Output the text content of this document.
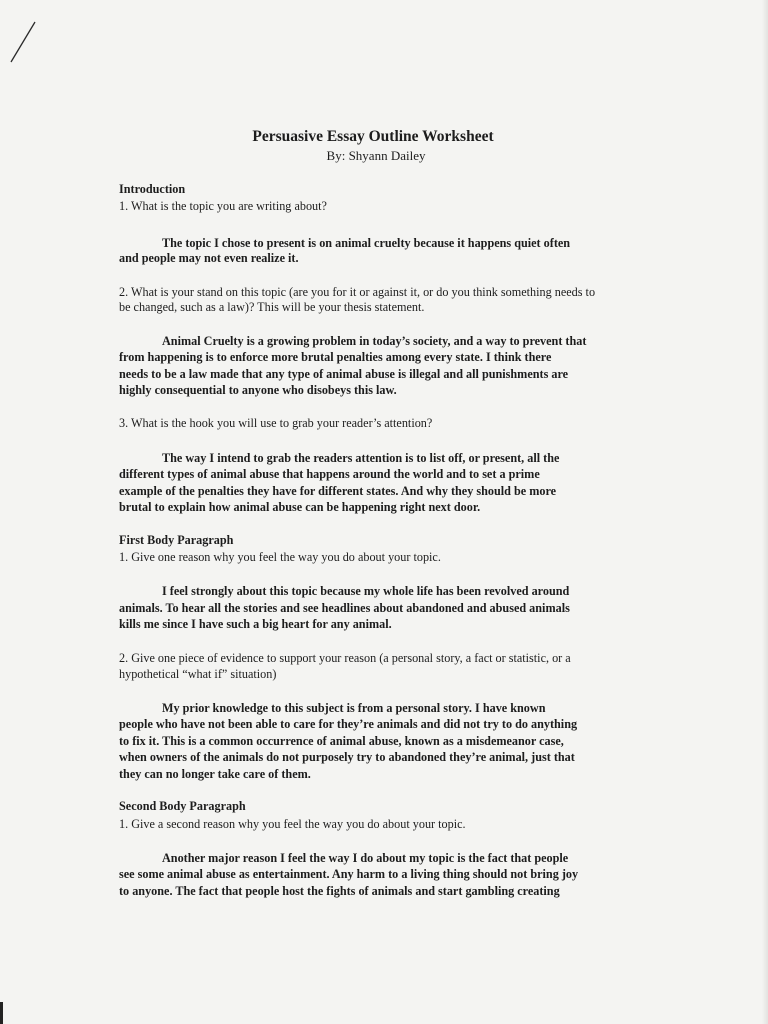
Persuasive Essay Outline Worksheet
By: Shyann Dailey
Introduction
1. What is the topic you are writing about?
The topic I chose to present is on animal cruelty because it happens quiet often
and people may not even realize it.
2. What is your stand on this topic (are you for it or against it, or do you think something needs to
be changed, such as a law)? This will be your thesis statement.
Animal Cruelty is a growing problem in today’s society, and a way to prevent that
from happening is to enforce more brutal penalties among every state. I think there
needs to be a law made that any type of animal abuse is illegal and all punishments are
highly consequential to anyone who disobeys this law.
3. What is the hook you will use to grab your reader’s attention?
The way I intend to grab the readers attention is to list off, or present, all the
different types of animal abuse that happens around the world and to set a prime
example of the penalties they have for different states. And why they should be more
brutal to explain how animal abuse can be happening right next door.
First Body Paragraph
1. Give one reason why you feel the way you do about your topic.
I feel strongly about this topic because my whole life has been revolved around
animals. To hear all the stories and see headlines about abandoned and abused animals
kills me since I have such a big heart for any animal.
2. Give one piece of evidence to support your reason (a personal story, a fact or statistic, or a
hypothetical “what if” situation)
My prior knowledge to this subject is from a personal story. I have known
people who have not been able to care for they’re animals and did not try to do anything
to fix it. This is a common occurrence of animal abuse, known as a misdemeanor case,
when owners of the animals do not purposely try to abandoned they’re animal, just that
they can no longer take care of them.
Second Body Paragraph
1. Give a second reason why you feel the way you do about your topic.
Another major reason I feel the way I do about my topic is the fact that people
see some animal abuse as entertainment. Any harm to a living thing should not bring joy
to anyone. The fact that people host the fights of animals and start gambling creating
